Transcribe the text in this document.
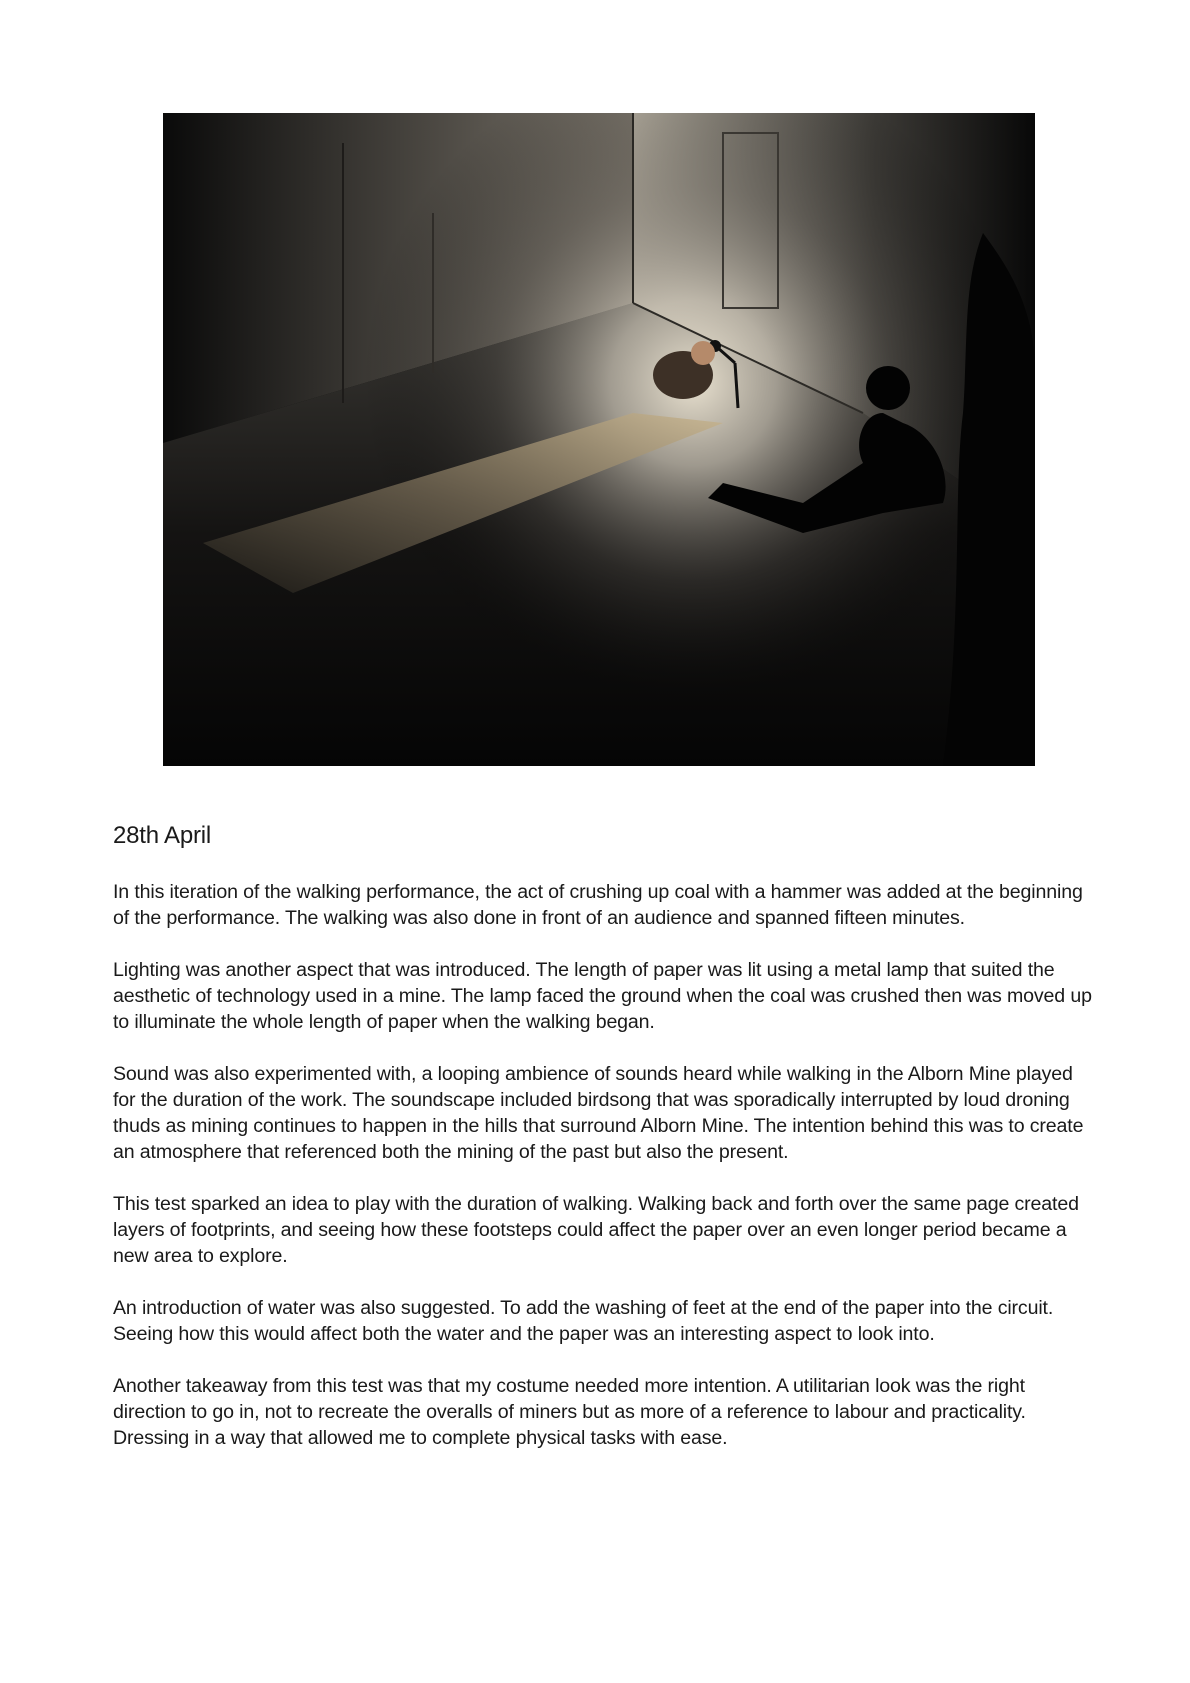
28th April

In this iteration of the walking performance, the act of crushing up coal with a hammer was added at the beginning of the performance. The walking was also done in front of an audience and spanned fifteen minutes.

Lighting was another aspect that was introduced. The length of paper was lit using a metal lamp that suited the aesthetic of technology used in a mine. The lamp faced the ground when the coal was crushed then was moved up to illuminate the whole length of paper when the walking began.

Sound was also experimented with, a looping ambience of sounds heard while walking in the Alborn Mine played for the duration of the work. The soundscape included birdsong that was sporadically interrupted by loud droning thuds as mining continues to happen in the hills that surround Alborn Mine. The intention behind this was to create an atmosphere that referenced both the mining of the past but also the present.

This test sparked an idea to play with the duration of walking. Walking back and forth over the same page created layers of footprints, and seeing how these footsteps could affect the paper over an even longer period became a new area to explore.

An introduction of water was also suggested. To add the washing of feet at the end of the paper into the circuit. Seeing how this would affect both the water and the paper was an interesting aspect to look into.

Another takeaway from this test was that my costume needed more intention. A utilitarian look was the right direction to go in, not to recreate the overalls of miners but as more of a reference to labour and practicality. Dressing in a way that allowed me to complete physical tasks with ease.
